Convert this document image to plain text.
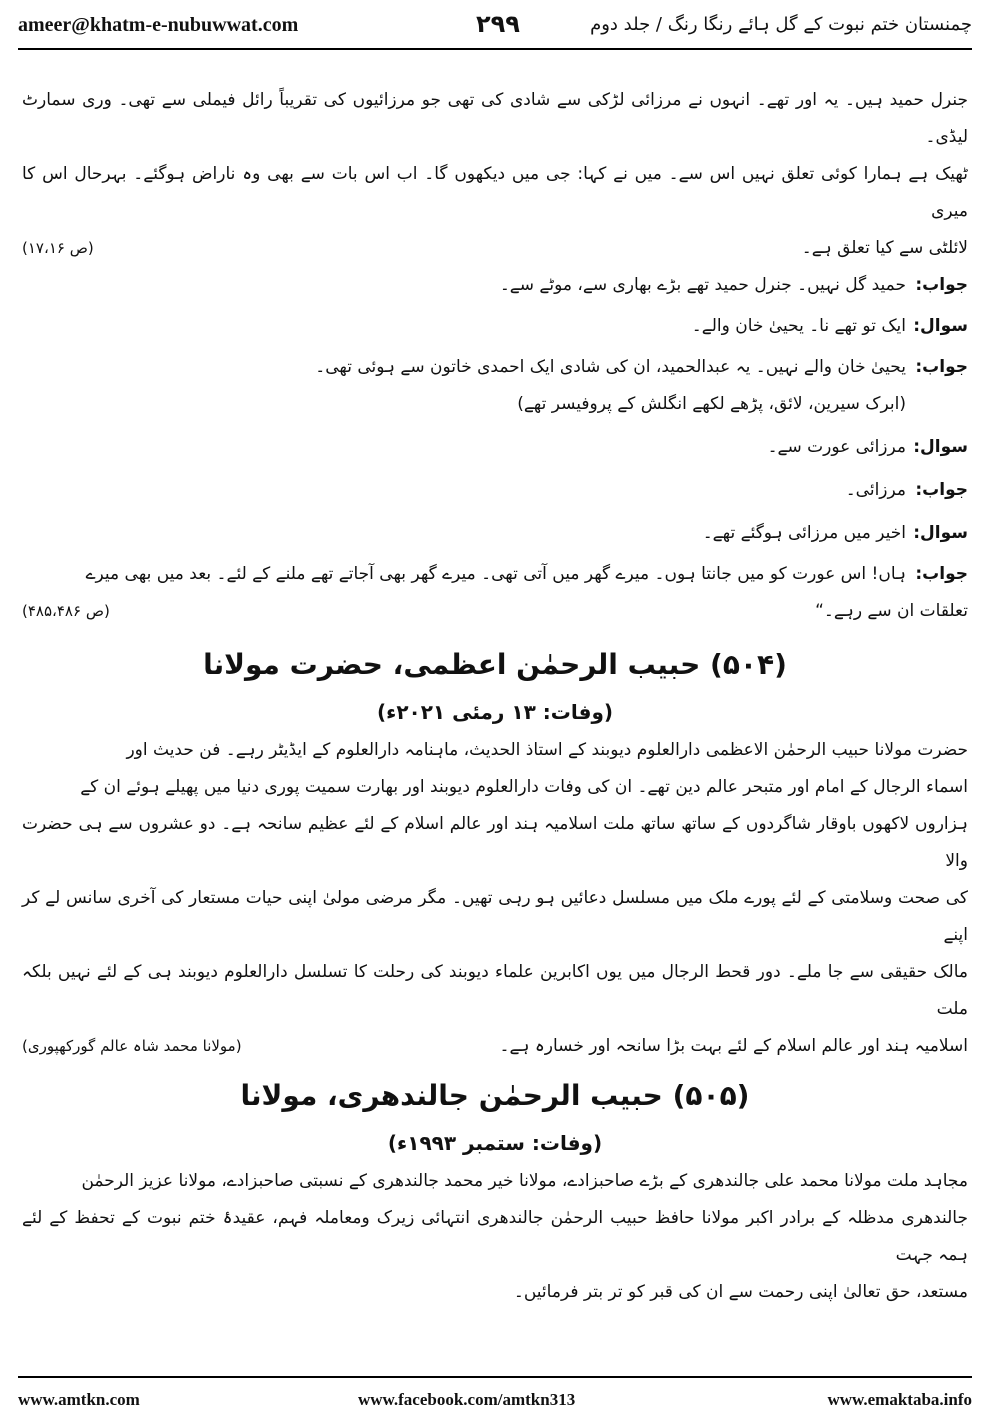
ameer@khatm-e-nubuwwat.com	۲۹۹	چمنستان ختم نبوت کے گل ہائے رنگا رنگ / جلد دوم

جنرل حمید ہیں۔ یہ اور تھے۔ انہوں نے مرزائی لڑکی سے شادی کی تھی جو مرزائیوں کی تقریباً رائل فیملی سے تھی۔ وری سمارٹ لیڈی۔

ٹھیک ہے ہمارا کوئی تعلق نہیں اس سے۔ میں نے کہا: جی میں دیکھوں گا۔ اب اس بات سے بھی وہ ناراض ہوگئے۔ بہرحال اس کا میری

لائلٹی سے کیا تعلق ہے۔
(ص ۱۷،۱۶)

جواب:
حمید گل نہیں۔ جنرل حمید تھے بڑے بھاری سے، موٹے سے۔
سوال:
ایک تو تھے نا۔ یحییٰ خان والے۔
جواب:
یحییٰ خان والے نہیں۔ یہ عبدالحمید، ان کی شادی ایک احمدی خاتون سے ہوئی تھی۔
(ابرک سیرین، لائق، پڑھے لکھے انگلش کے پروفیسر تھے)
سوال:
مرزائی عورت سے۔
جواب:
مرزائی۔
سوال:
اخیر میں مرزائی ہوگئے تھے۔
جواب:
ہاں! اس عورت کو میں جانتا ہوں۔ میرے گھر میں آتی تھی۔ میرے گھر بھی آجاتے تھے ملنے کے لئے۔ بعد میں بھی میرے

تعلقات ان سے رہے۔“
(ص ۴۸۵،۴۸۶)

(۵۰۴) حبیب الرحمٰن اعظمی، حضرت مولانا
(وفات: ۱۳ رمئی ۲۰۲۱ء)

حضرت مولانا حبیب الرحمٰن الاعظمی دارالعلوم دیوبند کے استاذ الحدیث، ماہنامہ دارالعلوم کے ایڈیٹر رہے۔ فن حدیث اور

اسماء الرجال کے امام اور متبحر عالم دین تھے۔ ان کی وفات دارالعلوم دیوبند اور بھارت سمیت پوری دنیا میں پھیلے ہوئے ان کے

ہزاروں لاکھوں باوقار شاگردوں کے ساتھ ساتھ ملت اسلامیہ ہند اور عالم اسلام کے لئے عظیم سانحہ ہے۔ دو عشروں سے ہی حضرت والا

کی صحت وسلامتی کے لئے پورے ملک میں مسلسل دعائیں ہو رہی تھیں۔ مگر مرضی مولیٰ اپنی حیات مستعار کی آخری سانس لے کر اپنے

مالک حقیقی سے جا ملے۔ دور قحط الرجال میں یوں اکابرین علماء دیوبند کی رحلت کا تسلسل دارالعلوم دیوبند ہی کے لئے نہیں بلکہ ملت

اسلامیہ ہند اور عالم اسلام کے لئے بہت بڑا سانحہ اور خسارہ ہے۔
(مولانا محمد شاہ عالم گورکھپوری)

(۵۰۵) حبیب الرحمٰن جالندھری، مولانا
(وفات: ستمبر ۱۹۹۳ء)

مجاہد ملت مولانا محمد علی جالندھری کے بڑے صاحبزادے، مولانا خیر محمد جالندھری کے نسبتی صاحبزادے، مولانا عزیز الرحمٰن

جالندھری مدظلہ کے برادر اکبر مولانا حافظ حبیب الرحمٰن جالندھری انتہائی زیرک ومعاملہ فہم، عقیدۂ ختم نبوت کے تحفظ کے لئے ہمہ جہت

مستعد، حق تعالیٰ اپنی رحمت سے ان کی قبر کو تر بتر فرمائیں۔

www.amtkn.com	www.facebook.com/amtkn313	www.emaktaba.info
